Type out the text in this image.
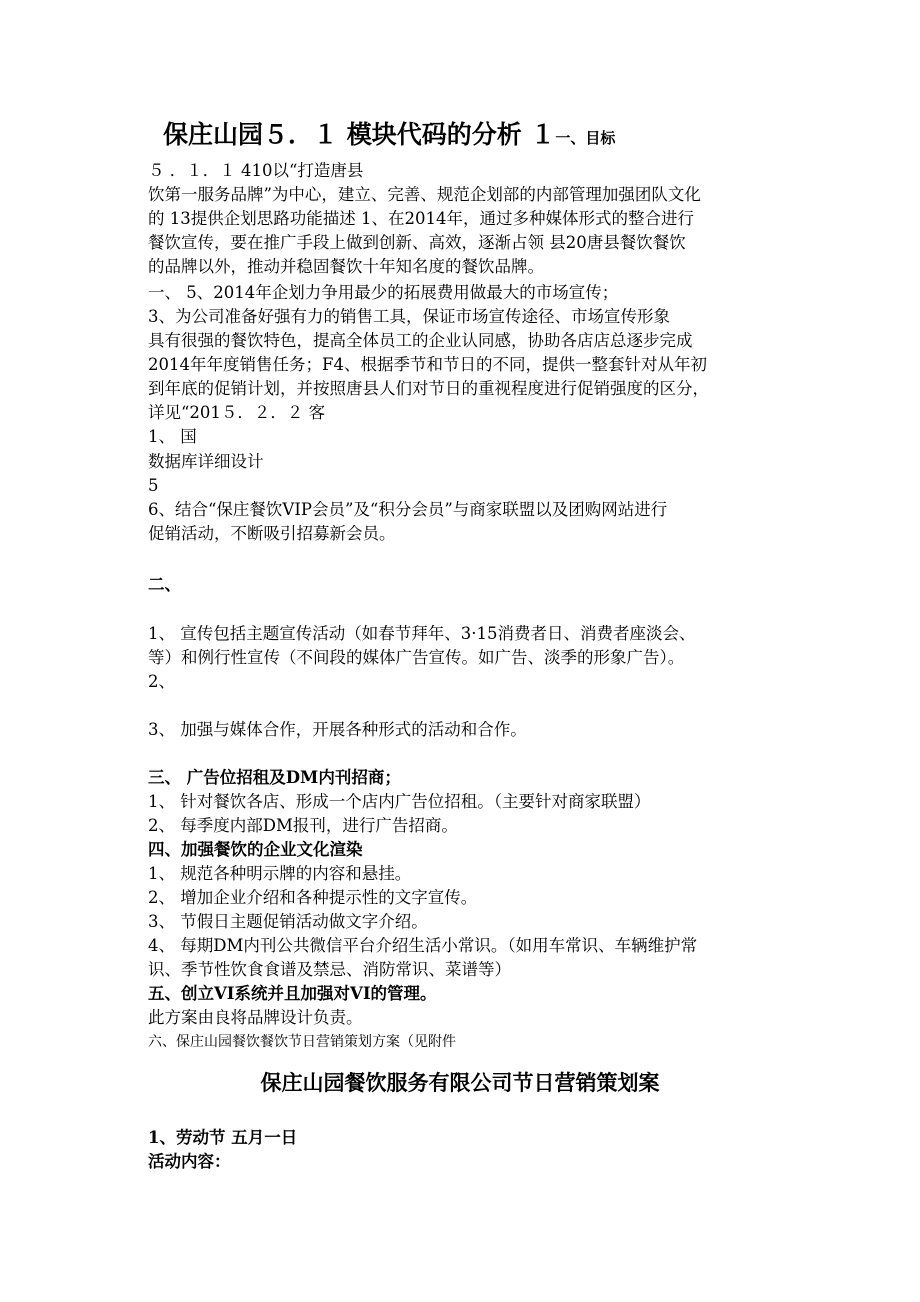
保庄山园５．１ 模块代码的分析 １一、目标
５ ．１．１ 410以“打造唐县
饮第一服务品牌”为中心，建立、完善、规范企划部的内部管理加强团队文化
的 13提供企划思路功能描述 1、在2014年，通过多种媒体形式的整合进行
餐饮宣传，要在推广手段上做到创新、高效，逐渐占领 县20唐县餐饮餐饮
的品牌以外，推动并稳固餐饮十年知名度的餐饮品牌。
一、 5、2014年企划力争用最少的拓展费用做最大的市场宣传；
3、为公司准备好强有力的销售工具，保证市场宣传途径、市场宣传形象
具有很强的餐饮特色，提高全体员工的企业认同感，协助各店店总逐步完成
2014年年度销售任务；F4、根据季节和节日的不同，提供一整套针对从年初
到年底的促销计划，并按照唐县人们对节日的重视程度进行促销强度的区分，
详见“201５．２．２ 客
1、 国
数据库详细设计
5
6、结合“保庄餐饮VIP会员”及“积分会员”与商家联盟以及团购网站进行
促销活动，不断吸引招募新会员。
二、
1、 宣传包括主题宣传活动（如春节拜年、3·15消费者日、消费者座淡会、
等）和例行性宣传（不间段的媒体广告宣传。如广告、淡季的形象广告）。
2、
3、 加强与媒体合作，开展各种形式的活动和合作。
三、 广告位招租及DM内刊招商；
1、 针对餐饮各店、形成一个店内广告位招租。（主要针对商家联盟）
2、 每季度内部DM报刊，进行广告招商。
四、加强餐饮的企业文化渲染
1、 规范各种明示牌的内容和悬挂。
2、 增加企业介绍和各种提示性的文字宣传。
3、 节假日主题促销活动做文字介绍。
4、 每期DM内刊公共微信平台介绍生活小常识。（如用车常识、车辆维护常
识、季节性饮食食谱及禁忌、消防常识、菜谱等）
五、创立VI系统并且加强对VI的管理。
此方案由良将品牌设计负责。
六、保庄山园餐饮餐饮节日营销策划方案（见附件
保庄山园餐饮服务有限公司节日营销策划案
1、劳动节 五月一日
活动内容：
